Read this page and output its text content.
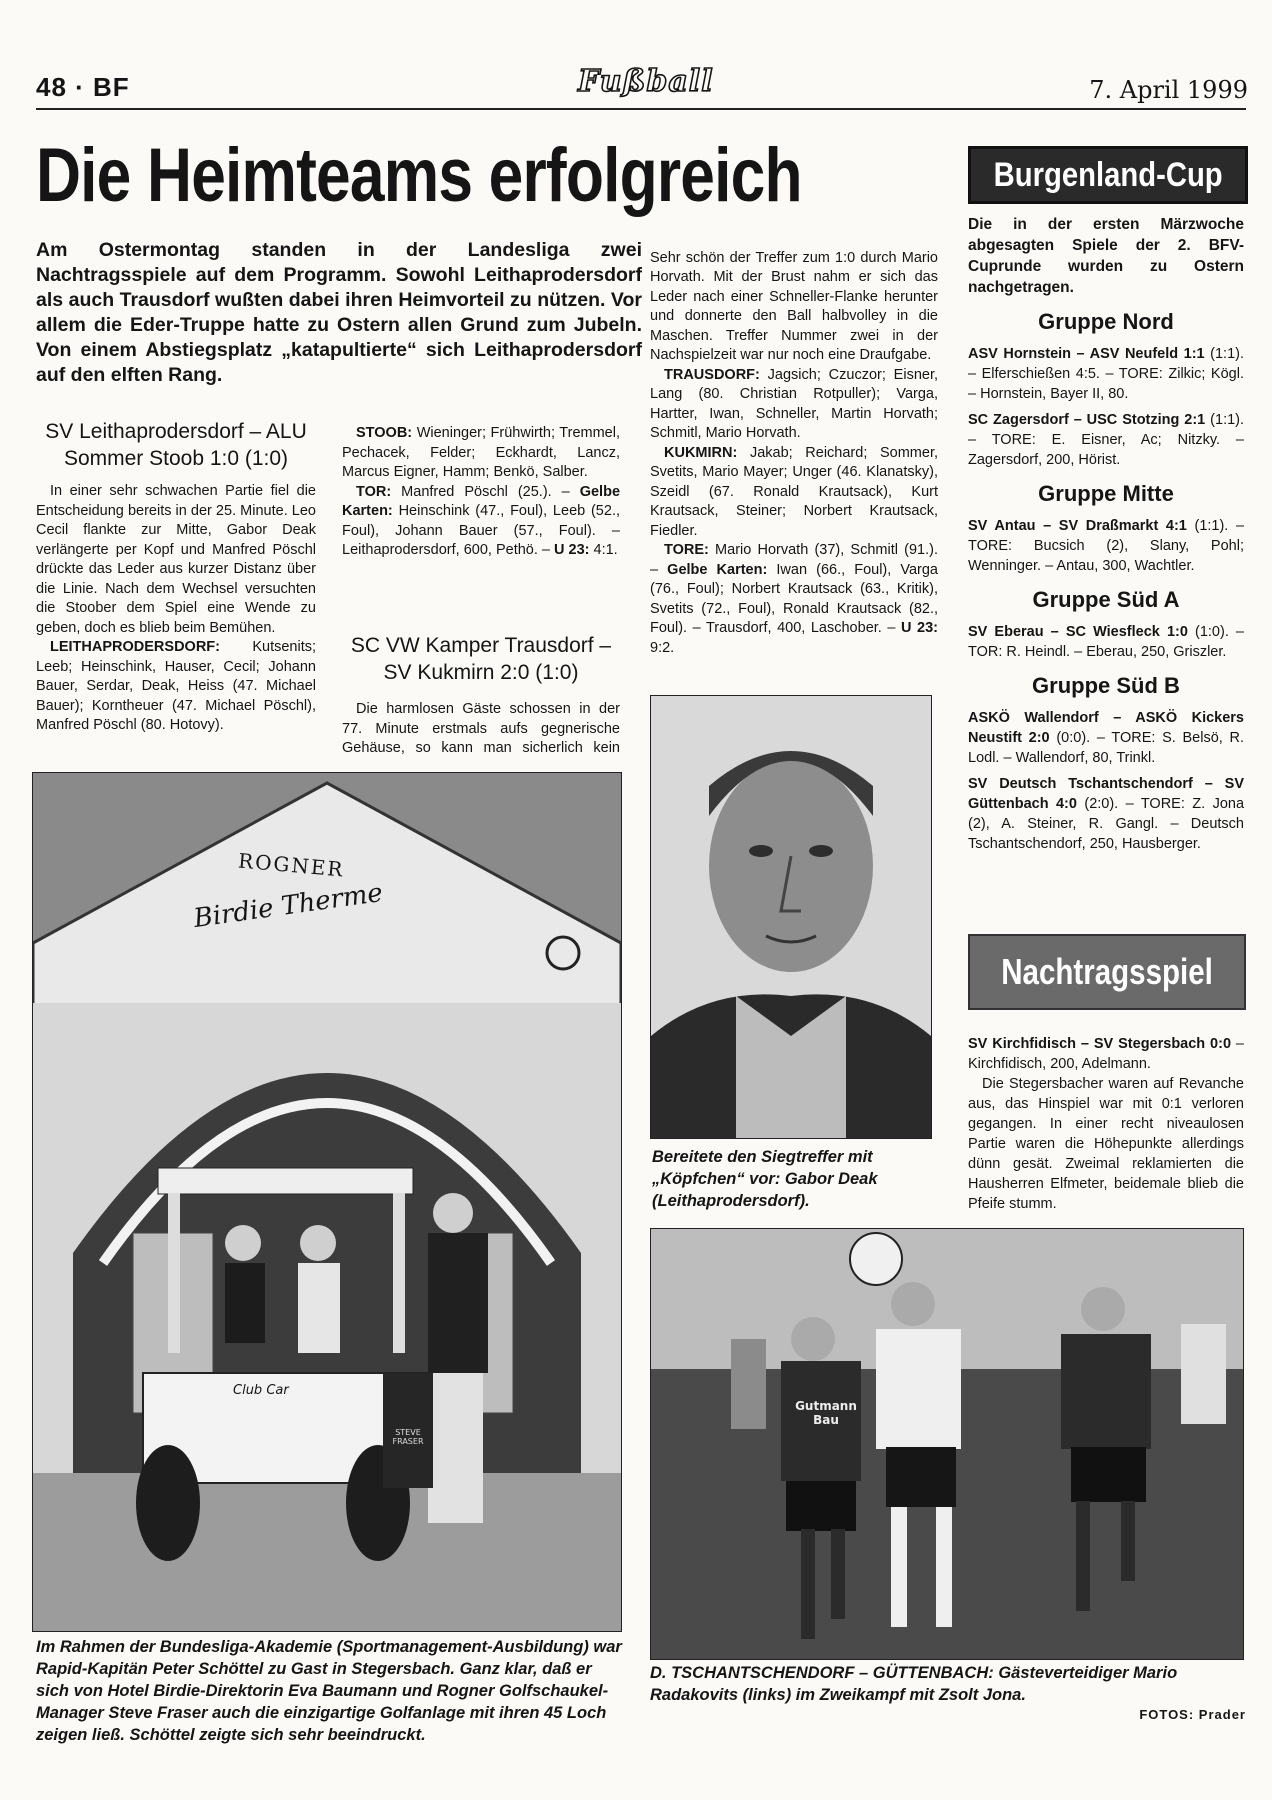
48 · BF	Fußball	7. April 1999
Die Heimteams erfolgreich
Am Ostermontag standen in der Landesliga zwei Nachtragsspiele auf dem Programm. Sowohl Leithaprodersdorf als auch Trausdorf wußten dabei ihren Heimvorteil zu nützen. Vor allem die Eder-Truppe hatte zu Ostern allen Grund zum Jubeln. Von einem Abstiegsplatz „katapultierte“ sich Leithaprodersdorf auf den elften Rang.
SV Leithaprodersdorf – ALU Sommer Stoob 1:0 (1:0)

In einer sehr schwachen Partie fiel die Entscheidung bereits in der 25. Minute. Leo Cecil flankte zur Mitte, Gabor Deak verlängerte per Kopf und Manfred Pöschl drückte das Leder aus kurzer Distanz über die Linie. Nach dem Wechsel versuchten die Stoober dem Spiel eine Wende zu geben, doch es blieb beim Bemühen.

LEITHAPRODERSDORF: Kutsenits; Leeb; Heinschink, Hauser, Cecil; Johann Bauer, Serdar, Deak, Heiss (47. Michael Bauer); Korntheuer (47. Michael Pöschl), Manfred Pöschl (80. Hotovy).

STOOB: Wieninger; Frühwirth; Tremmel, Pechacek, Felder; Eckhardt, Lancz, Marcus Eigner, Hamm; Benkö, Salber.

TOR: Manfred Pöschl (25.). – Gelbe Karten: Heinschink (47., Foul), Leeb (52., Foul), Johann Bauer (57., Foul). – Leithaprodersdorf, 600, Pethö. – U 23: 4:1.

SC VW Kamper Trausdorf – SV Kukmirn 2:0 (1:0)

Die harmlosen Gäste schossen in der 77. Minute erstmals aufs gegnerische Gehäuse, so kann man sicherlich kein

Sehr schön der Treffer zum 1:0 durch Mario Horvath. Mit der Brust nahm er sich das Leder nach einer Schneller-Flanke herunter und donnerte den Ball halbvolley in die Maschen. Treffer Nummer zwei in der Nachspielzeit war nur noch eine Draufgabe.

TRAUSDORF: Jagsich; Czuczor; Eisner, Lang (80. Christian Rotpuller); Varga, Hartter, Iwan, Schneller, Martin Horvath; Schmitl, Mario Horvath.

KUKMIRN: Jakab; Reichard; Sommer, Svetits, Mario Mayer; Unger (46. Klanatsky), Szeidl (67. Ronald Krautsack), Kurt Krautsack, Steiner; Norbert Krautsack, Fiedler.

TORE: Mario Horvath (37), Schmitl (91.). – Gelbe Karten: Iwan (66., Foul), Varga (76., Foul); Norbert Krautsack (63., Kritik), Svetits (72., Foul), Ronald Krautsack (82., Foul). – Trausdorf, 400, Laschober. – U 23: 9:2.

ROGNER
Birdie Therme
Club Car
STEVE FRASER
Im Rahmen der Bundesliga-Akademie (Sportmanagement-Ausbildung) war Rapid-Kapitän Peter Schöttel zu Gast in Stegersbach. Ganz klar, daß er sich von Hotel Birdie-Direktorin Eva Baumann und Rogner Golfschaukel-Manager Steve Fraser auch die einzigartige Golfanlage mit ihren 45 Loch zeigen ließ. Schöttel zeigte sich sehr beeindruckt.
Bereitete den Siegtreffer mit „Köpfchen“ vor: Gabor Deak (Leithaprodersdorf).
Gutmann Bau
D. TSCHANTSCHENDORF – GÜTTENBACH: Gästeverteidiger Mario Radakovits (links) im Zweikampf mit Zsolt Jona.
FOTOS: Prader
Burgenland-Cup

Die in der ersten Märzwoche abgesagten Spiele der 2. BFV-Cuprunde wurden zu Ostern nachgetragen.

Gruppe Nord

ASV Hornstein – ASV Neufeld 1:1 (1:1). – Elferschießen 4:5. – TORE: Zilkic; Kögl. – Hornstein, Bayer II, 80.

SC Zagersdorf – USC Stotzing 2:1 (1:1). – TORE: E. Eisner, Ac; Nitzky. – Zagersdorf, 200, Hörist.

Gruppe Mitte

SV Antau – SV Draßmarkt 4:1 (1:1). – TORE: Bucsich (2), Slany, Pohl; Wenninger. – Antau, 300, Wachtler.

Gruppe Süd A

SV Eberau – SC Wiesfleck 1:0 (1:0). – TOR: R. Heindl. – Eberau, 250, Griszler.

Gruppe Süd B

ASKÖ Wallendorf – ASKÖ Kickers Neustift 2:0 (0:0). – TORE: S. Belsö, R. Lodl. – Wallendorf, 80, Trinkl.

SV Deutsch Tschantschendorf – SV Güttenbach 4:0 (2:0). – TORE: Z. Jona (2), A. Steiner, R. Gangl. – Deutsch Tschantschendorf, 250, Hausberger.

Nachtragsspiel

SV Kirchfidisch – SV Stegersbach 0:0 – Kirchfidisch, 200, Adelmann.

Die Stegersbacher waren auf Revanche aus, das Hinspiel war mit 0:1 verloren gegangen. In einer recht niveaulosen Partie waren die Höhepunkte allerdings dünn gesät. Zweimal reklamierten die Hausherren Elfmeter, beidemale blieb die Pfeife stumm.
